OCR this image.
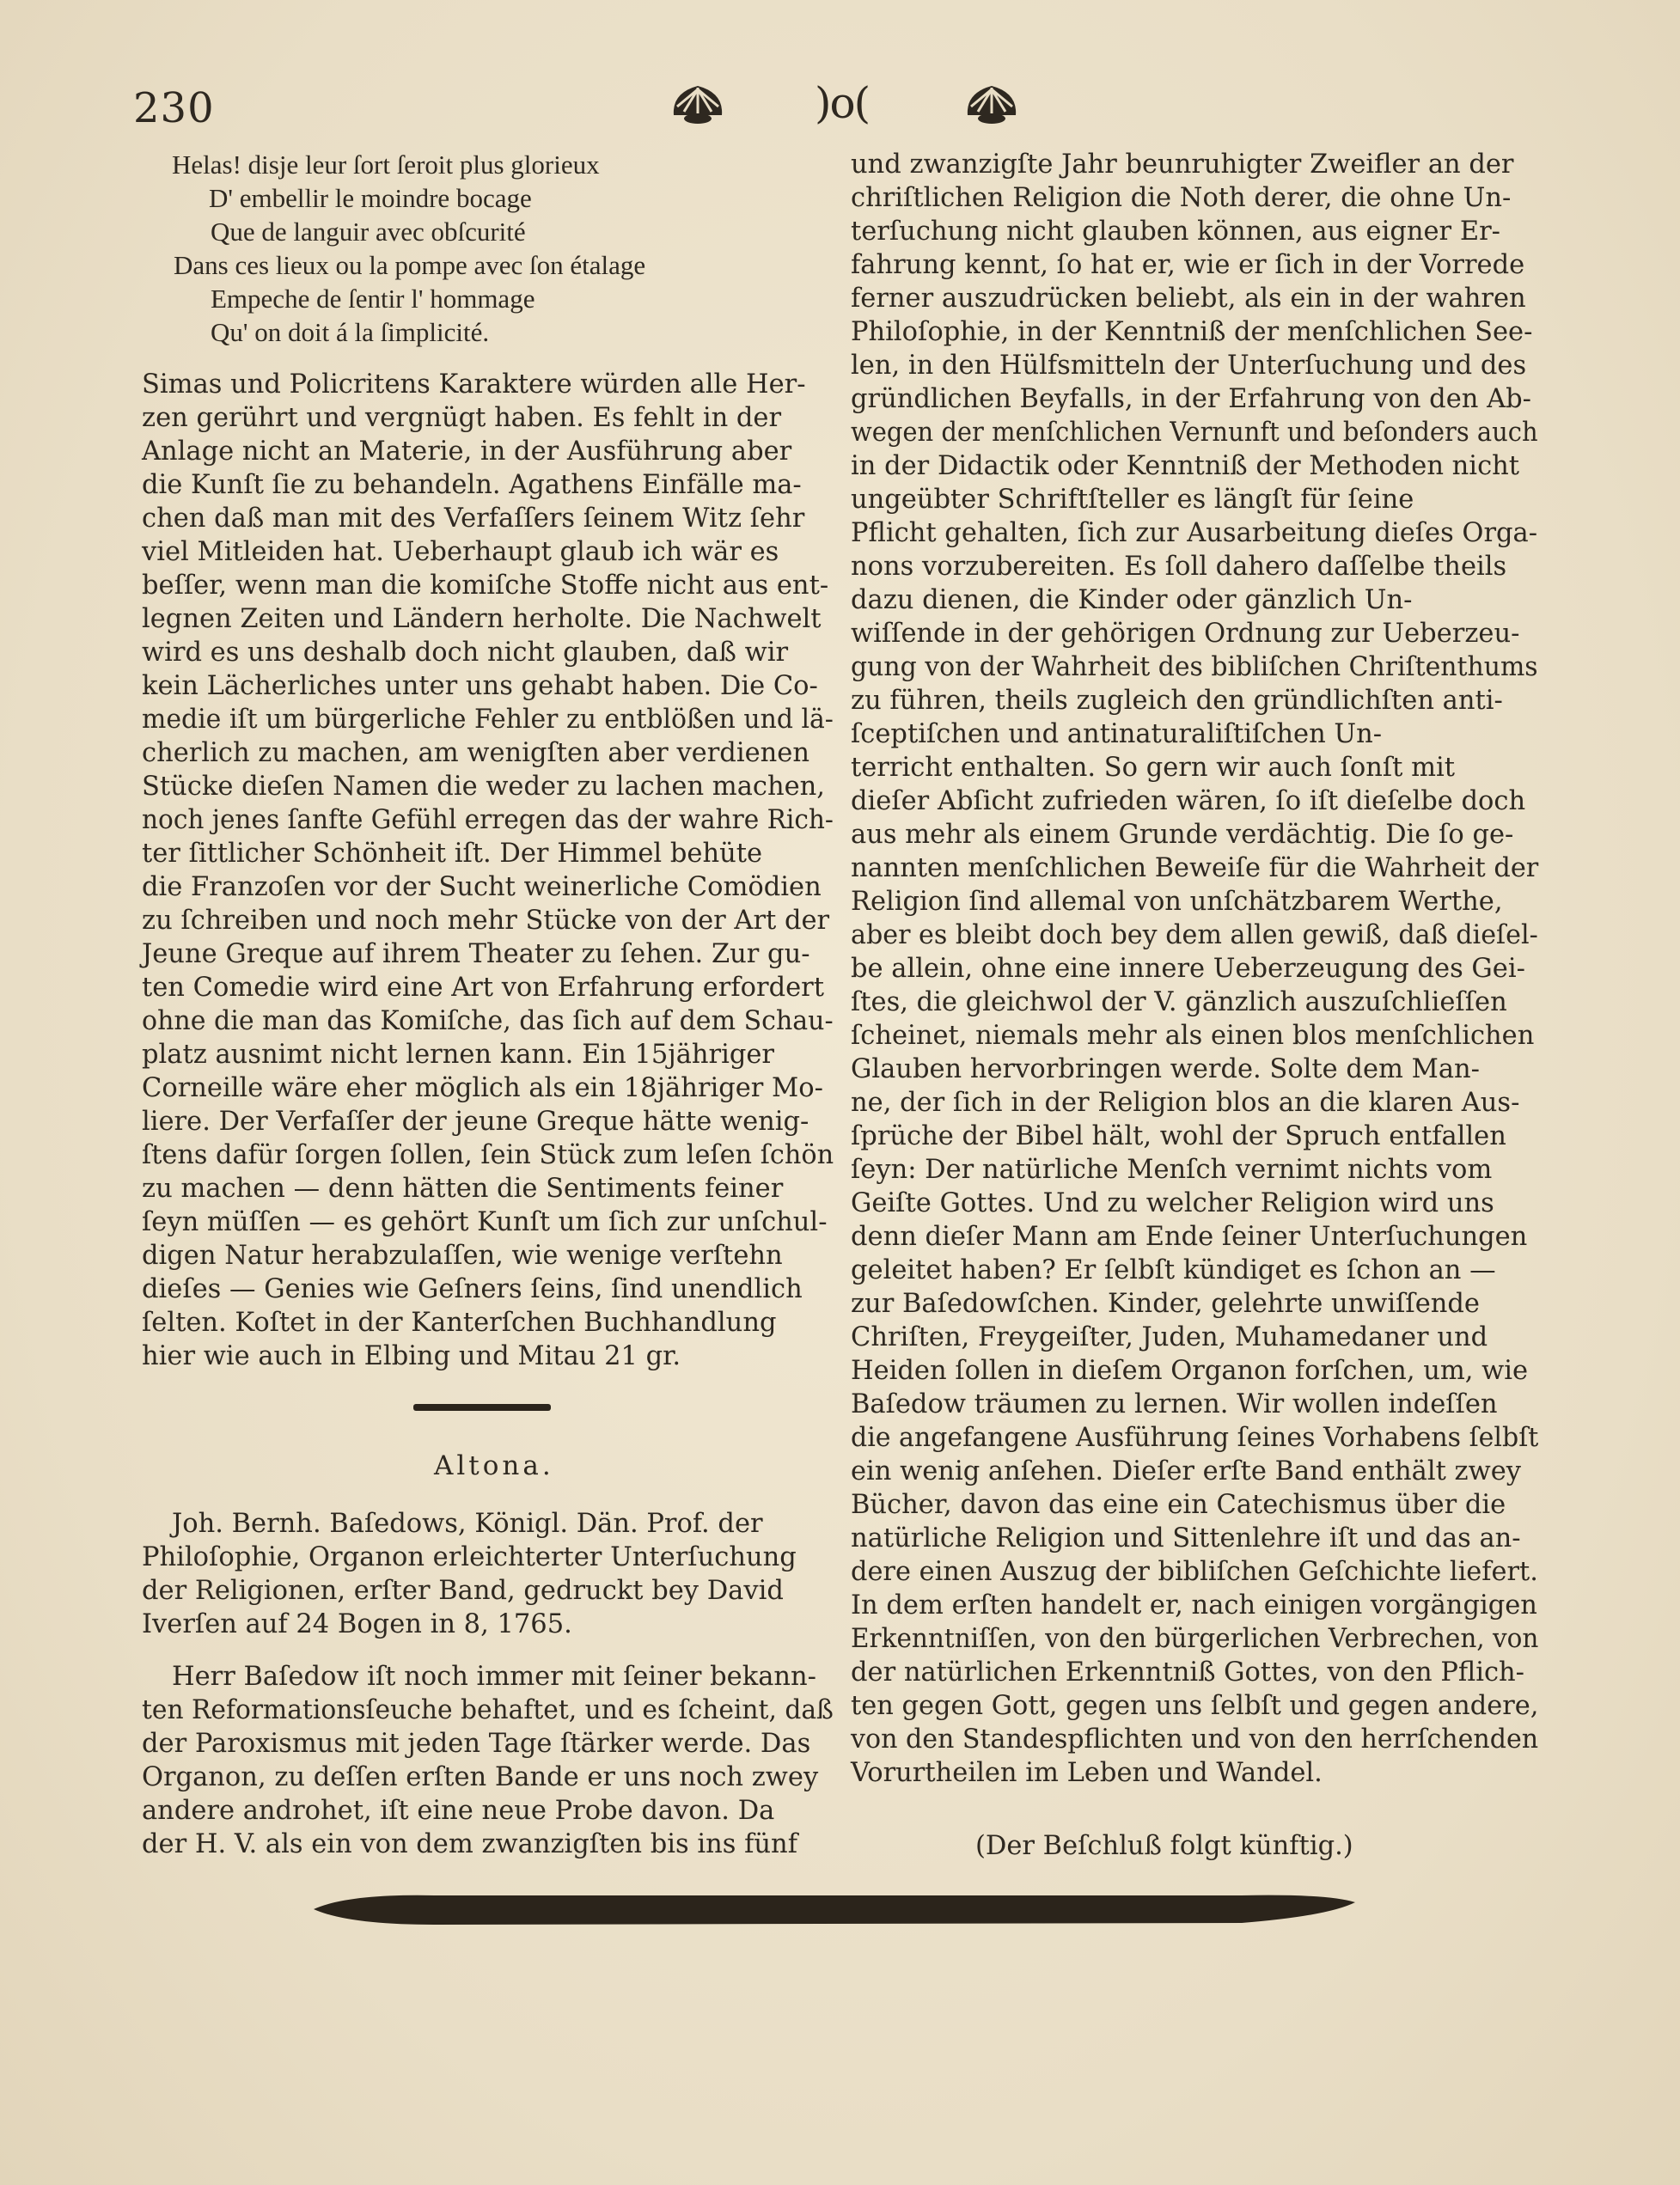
230	)o(
Helas! disje leur ſort ſeroit plus glorieux
D' embellir le moindre bocage
Que de languir avec obſcurité
Dans ces lieux ou la pompe avec ſon étalage
Empeche de ſentir l' hommage
Qu' on doit á la ſimplicité.
Simas und Policritens Karaktere würden alle Her-
zen gerührt und vergnügt haben. Es fehlt in der
Anlage nicht an Materie, in der Ausführung aber
die Kunſt ſie zu behandeln. Agathens Einfälle ma-
chen daß man mit des Verfaſſers ſeinem Witz ſehr
viel Mitleiden hat. Ueberhaupt glaub ich wär es
beſſer, wenn man die komiſche Stoffe nicht aus ent-
legnen Zeiten und Ländern herholte. Die Nachwelt
wird es uns deshalb doch nicht glauben, daß wir
kein Lächerliches unter uns gehabt haben. Die Co-
medie iſt um bürgerliche Fehler zu entblößen und lä-
cherlich zu machen, am wenigſten aber verdienen
Stücke dieſen Namen die weder zu lachen machen,
noch jenes ſanfte Gefühl erregen das der wahre Rich-
ter ſittlicher Schönheit iſt. Der Himmel behüte
die Franzoſen vor der Sucht weinerliche Comödien
zu ſchreiben und noch mehr Stücke von der Art der
Jeune Greque auf ihrem Theater zu ſehen. Zur gu-
ten Comedie wird eine Art von Erfahrung erfordert
ohne die man das Komiſche, das ſich auf dem Schau-
platz ausnimt nicht lernen kann. Ein 15jähriger
Corneille wäre eher möglich als ein 18jähriger Mo-
liere. Der Verfaſſer der jeune Greque hätte wenig-
ſtens dafür ſorgen ſollen, ſein Stück zum leſen ſchön
zu machen — denn hätten die Sentiments feiner
ſeyn müſſen — es gehört Kunſt um ſich zur unſchul-
digen Natur herabzulaſſen, wie wenige verſtehn
dieſes — Genies wie Geſners ſeins, ſind unendlich
ſelten. Koſtet in der Kanterſchen Buchhandlung
hier wie auch in Elbing und Mitau 21 gr.
Altona.
Joh. Bernh. Baſedows, Königl. Dän. Prof. der
Philoſophie, Organon erleichterter Unterſuchung
der Religionen, erſter Band, gedruckt bey David
Iverſen auf 24 Bogen in 8, 1765.
Herr Baſedow iſt noch immer mit ſeiner bekann-
ten Reformationsſeuche behaftet, und es ſcheint, daß
der Paroxismus mit jeden Tage ſtärker werde. Das
Organon, zu deſſen erſten Bande er uns noch zwey
andere androhet, iſt eine neue Probe davon. Da
der H. V. als ein von dem zwanzigſten bis ins fünf
und zwanzigſte Jahr beunruhigter Zweifler an der
chriſtlichen Religion die Noth derer, die ohne Un-
terſuchung nicht glauben können, aus eigner Er-
fahrung kennt, ſo hat er, wie er ſich in der Vorrede
ferner auszudrücken beliebt, als ein in der wahren
Philoſophie, in der Kenntniß der menſchlichen See-
len, in den Hülfsmitteln der Unterſuchung und des
gründlichen Beyfalls, in der Erfahrung von den Ab-
wegen der menſchlichen Vernunft und beſonders auch
in der Didactik oder Kenntniß der Methoden nicht
ungeübter Schriftſteller es längſt für ſeine
Pflicht gehalten, ſich zur Ausarbeitung dieſes Orga-
nons vorzubereiten. Es ſoll dahero daſſelbe theils
dazu dienen, die Kinder oder gänzlich Un-
wiſſende in der gehörigen Ordnung zur Ueberzeu-
gung von der Wahrheit des bibliſchen Chriſtenthums
zu führen, theils zugleich den gründlichſten anti-
ſceptiſchen und antinaturaliſtiſchen Un-
terricht enthalten. So gern wir auch ſonſt mit
dieſer Abſicht zufrieden wären, ſo iſt dieſelbe doch
aus mehr als einem Grunde verdächtig. Die ſo ge-
nannten menſchlichen Beweiſe für die Wahrheit der
Religion ſind allemal von unſchätzbarem Werthe,
aber es bleibt doch bey dem allen gewiß, daß dieſel-
be allein, ohne eine innere Ueberzeugung des Gei-
ſtes, die gleichwol der V. gänzlich auszuſchlieſſen
ſcheinet, niemals mehr als einen blos menſchlichen
Glauben hervorbringen werde. Solte dem Man-
ne, der ſich in der Religion blos an die klaren Aus-
ſprüche der Bibel hält, wohl der Spruch entfallen
ſeyn: Der natürliche Menſch vernimt nichts vom
Geiſte Gottes. Und zu welcher Religion wird uns
denn dieſer Mann am Ende ſeiner Unterſuchungen
geleitet haben? Er ſelbſt kündiget es ſchon an —
zur Baſedowſchen. Kinder, gelehrte unwiſſende
Chriſten, Freygeiſter, Juden, Muhamedaner und
Heiden ſollen in dieſem Organon forſchen, um, wie
Baſedow träumen zu lernen. Wir wollen indeſſen
die angefangene Ausführung ſeines Vorhabens ſelbſt
ein wenig anſehen. Dieſer erſte Band enthält zwey
Bücher, davon das eine ein Catechismus über die
natürliche Religion und Sittenlehre iſt und das an-
dere einen Auszug der bibliſchen Geſchichte liefert.
In dem erſten handelt er, nach einigen vorgängigen
Erkenntniſſen, von den bürgerlichen Verbrechen, von
der natürlichen Erkenntniß Gottes, von den Pflich-
ten gegen Gott, gegen uns ſelbſt und gegen andere,
von den Standespflichten und von den herrſchenden
Vorurtheilen im Leben und Wandel.
(Der Beſchluß folgt künftig.)
